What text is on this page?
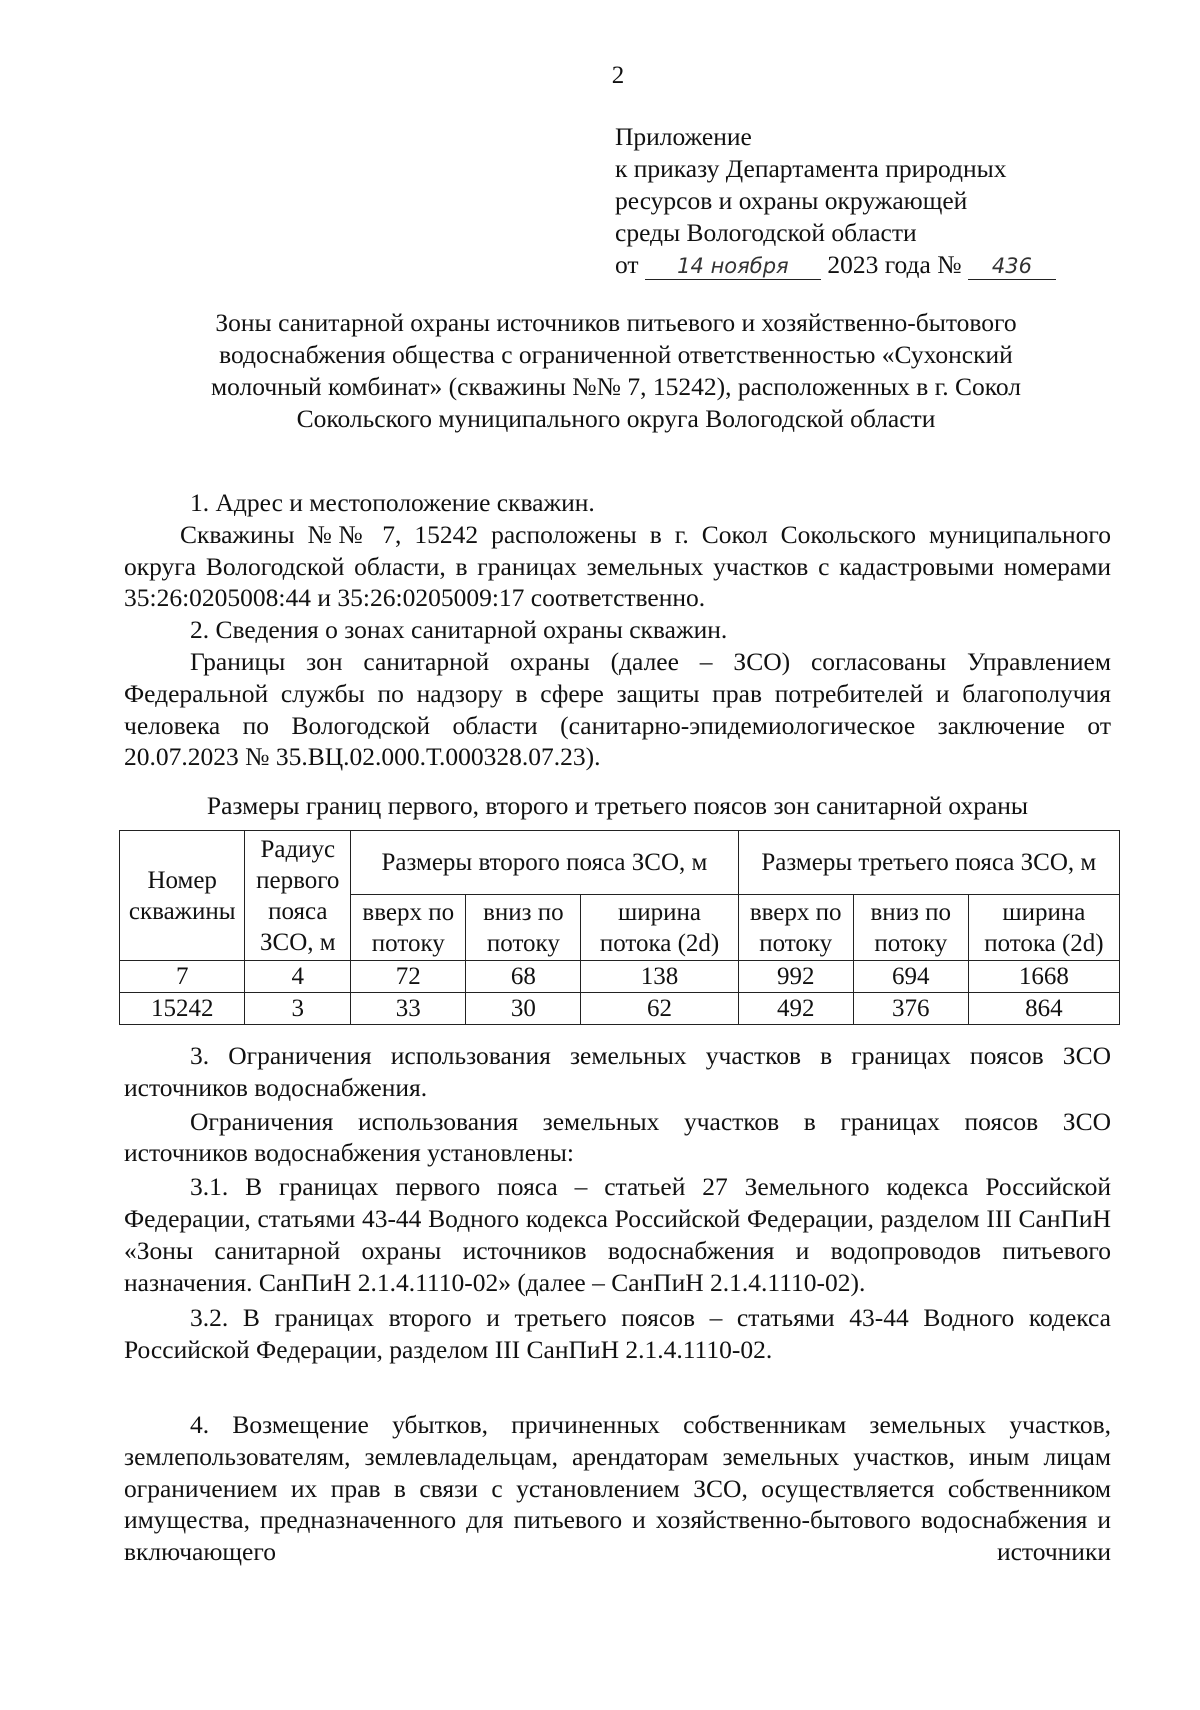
2
Приложение
к приказу Департамента природных
ресурсов и охраны окружающей
среды Вологодской области
от 14 ноября 2023 года № 436
Зоны санитарной охраны источников питьевого и хозяйственно-бытового
водоснабжения общества с ограниченной ответственностью «Сухонский
молочный комбинат» (скважины №№ 7, 15242), расположенных в г. Сокол
Сокольского муниципального округа Вологодской области

1. Адрес и местоположение скважин.

Скважины №№ 7, 15242 расположены в г. Сокол Сокольского муниципального округа Вологодской области, в границах земельных участков с кадастровыми номерами 35:26:0205008:44 и 35:26:0205009:17 соответственно.

2. Сведения о зонах санитарной охраны скважин.

Границы зон санитарной охраны (далее – ЗСО) согласованы Управлением Федеральной службы по надзору в сфере защиты прав потребителей и благополучия человека по Вологодской области (санитарно-эпидемиологическое заключение от 20.07.2023 № 35.ВЦ.02.000.Т.000328.07.23).

Размеры границ первого, второго и третьего поясов зон санитарной охраны
Номер скважины	Радиус первого пояса ЗСО, м	Размеры второго пояса ЗСО, м			Размеры третьего пояса ЗСО, м		
		вверх по потоку	вниз по потоку	ширина потока (2d)	вверх по потоку	вниз по потоку	ширина потока (2d)
7	4	72	68	138	992	694	1668
15242	3	33	30	62	492	376	864

3. Ограничения использования земельных участков в границах поясов ЗСО источников водоснабжения.

Ограничения использования земельных участков в границах поясов ЗСО источников водоснабжения установлены:

3.1. В границах первого пояса – статьей 27 Земельного кодекса Российской Федерации, статьями 43-44 Водного кодекса Российской Федерации, разделом III СанПиН «Зоны санитарной охраны источников водоснабжения и водопроводов питьевого назначения. СанПиН 2.1.4.1110-02» (далее – СанПиН 2.1.4.1110-02).

3.2. В границах второго и третьего поясов – статьями 43-44 Водного кодекса Российской Федерации, разделом III СанПиН 2.1.4.1110-02.

4. Возмещение убытков, причиненных собственникам земельных участков, землепользователям, землевладельцам, арендаторам земельных участков, иным лицам ограничением их прав в связи с установлением ЗСО, осуществляется собственником имущества, предназначенного для питьевого и хозяйственно-бытового водоснабжения и включающего источники
